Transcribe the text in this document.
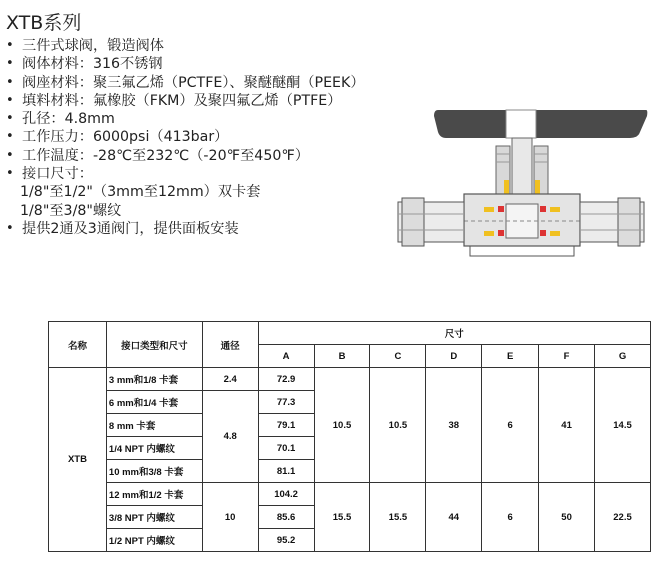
XTB系列
• 三件式球阀，锻造阀体
• 阀体材料：316不锈钢
• 阀座材料：聚三氟乙烯（PCTFE）、聚醚醚酮（PEEK）
• 填料材料：氟橡胶（FKM）及聚四氟乙烯（PTFE）
• 孔径：4.8mm
• 工作压力：6000psi（413bar）
• 工作温度：-28℃至232℃（-20℉至450℉）
• 接口尺寸：
1/8"至1/2"（3mm至12mm）双卡套
1/8"至3/8"螺纹
• 提供2通及3通阀门，提供面板安装
名称	接口类型和尺寸	通径	尺寸						
			A	B	C	D	E	F	G
XTB	3 mm和1/8 卡套	2.4	72.9	10.5	10.5	38	6	41	14.5
	6 mm和1/4 卡套	4.8	77.3						
	8 mm 卡套		79.1						
	1/4 NPT 内螺纹		70.1						
	10 mm和3/8 卡套		81.1						
	12 mm和1/2 卡套	10	104.2	15.5	15.5	44	6	50	22.5
	3/8 NPT 内螺纹		85.6						
	1/2 NPT 内螺纹		95.2						
